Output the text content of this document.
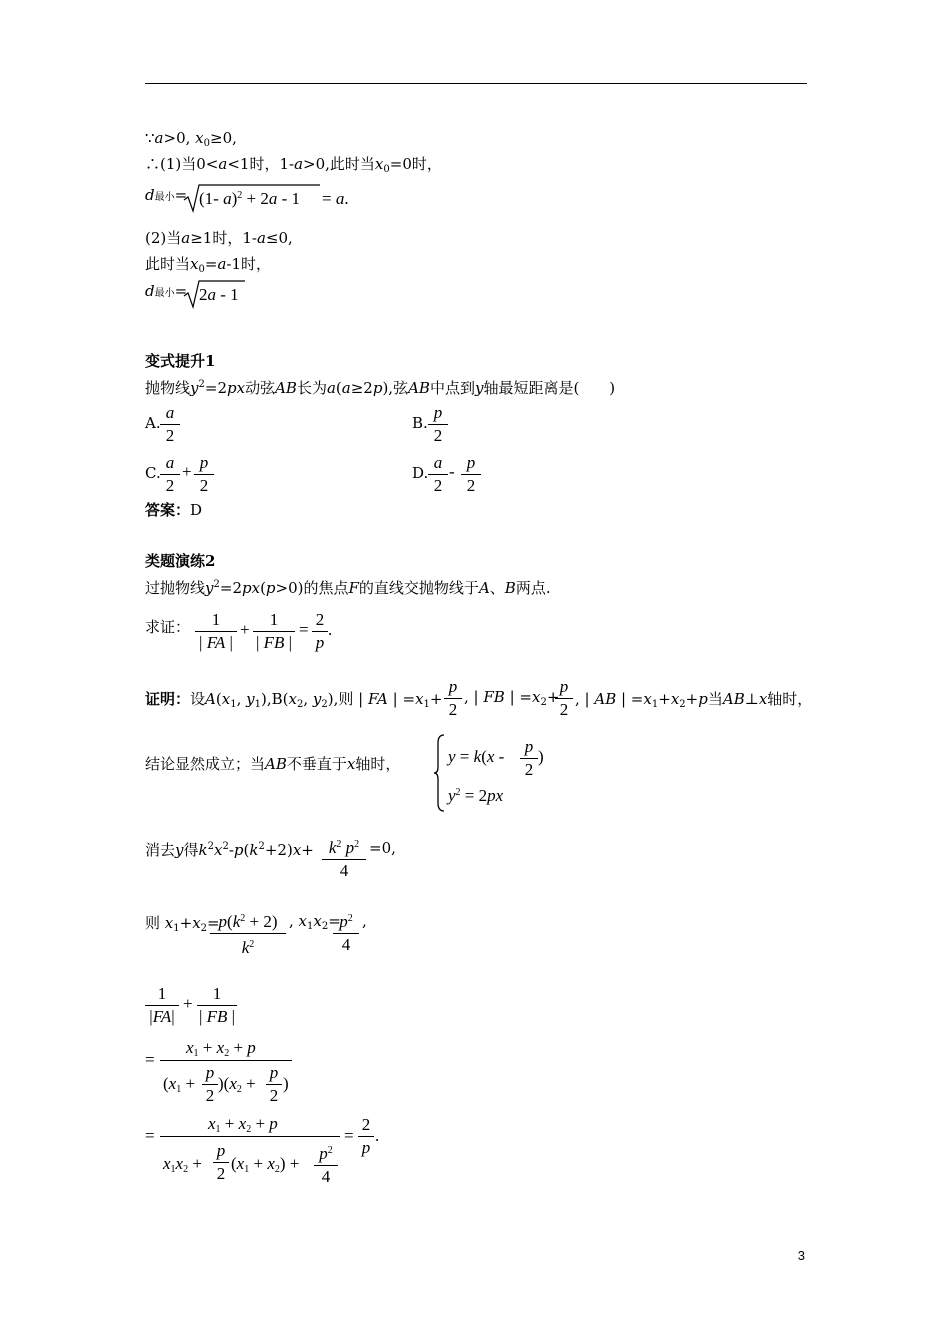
∵a>0, $x_0\ge 0$,
∴(1)当0<a<1时，1-a>0,此时当$x_0=0$时，
d最小= (1- a)$^2$ + 2a - 1 = a.
(2)当a≥1时，1-a≤0,
此时当$x_0=a-1$时，
d最小= 2a - 1
变式提升1
抛物线$y^2=2px$动弦AB长为a(a≥2p),弦AB中点到y轴最短距离是(　　)
A.
a
2
B.
p
2
C.
a
2
+ p
2
D.
a
2
- p
2
答案：D
类题演练2
过抛物线$y^2=2px(p>0)$的焦点F的直线交抛物线于A、B两点.
求证：	1
| FA |
+
1
| FB |
=
2
p
.
证明：设$A(x_1$, $y_1),B(x_2$, $y_2$),则 | FA | $=x_1+$
p
2
, | FB | $=x_2+$
p
2
, | AB | $=x_1+x_2+p$当AB⊥x轴时，
结论显然成立；当AB不垂直于x轴时，	y = k(x -
p
2
)
$y^2 = 2px$
消去y得$k^2x^2-p(k^2+2)x+ k^2$ $p^2$
4
=0,
则 $x_1+x_2=$
$p(k^2 + 2)$
$k^2$
, $x_1x_2=$
$p^2$
4
,
1
|FA|
+
1
| FB |
=
$x_1 + x_2 + p$
($x_1$ +
p
2
)($x_2$ +
p
2
)
=
$x_1 + x_2 + p$
$x_1x_2$ +
p
2
$(x_1 + x_2)$ +
$p^2$
4
=
2
p
.
3
